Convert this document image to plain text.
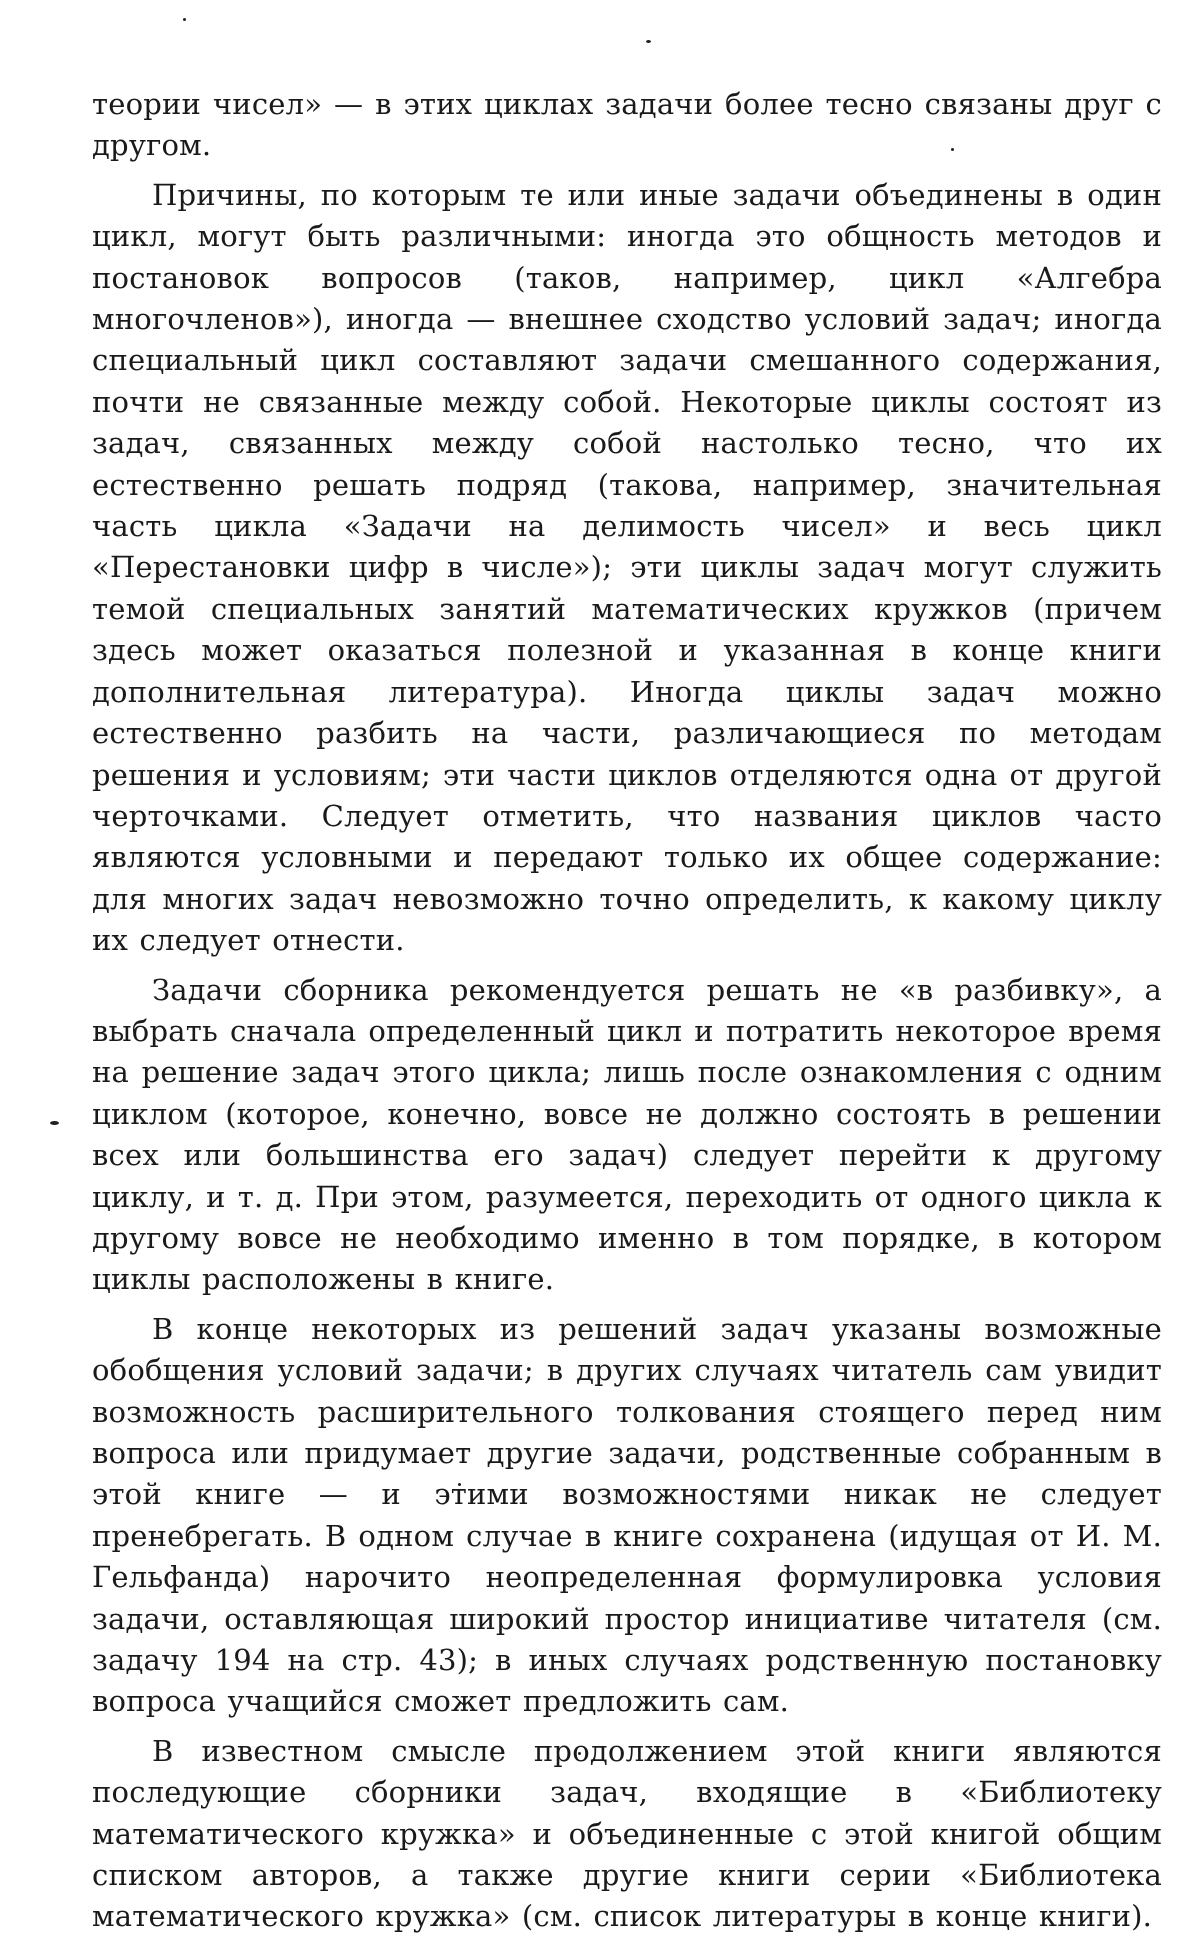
теории чисел» — в этих циклах задачи более тесно связаны друг с другом.

Причины, по которым те или иные задачи объединены в один цикл, могут быть различными: иногда это общность методов и постановок вопросов (таков, например, цикл «Алгебра многочленов»), иногда — внешнее сходство условий задач; иногда специальный цикл составляют задачи смешанного содержания, почти не связанные между собой. Некоторые циклы состоят из задач, связанных между собой настолько тесно, что их естественно решать подряд (такова, например, значительная часть цикла «Задачи на делимость чисел» и весь цикл «Перестановки цифр в числе»); эти циклы задач могут служить темой специальных занятий математических кружков (причем здесь может оказаться полезной и указанная в конце книги дополнительная литература). Иногда циклы задач можно естественно разбить на части, различающиеся по методам решения и условиям; эти части циклов отделяются одна от другой черточками. Следует отметить, что названия циклов часто являются условными и передают только их общее содержание: для многих задач невозможно точно определить, к какому циклу их следует отнести.

Задачи сборника рекомендуется решать не «в разбивку», а выбрать сначала определенный цикл и потратить некоторое время на решение задач этого цикла; лишь после ознакомления с одним циклом (которое, конечно, вовсе не должно состоять в решении всех или большинства его задач) следует перейти к другому циклу, и т. д. При этом, разумеется, переходить от одного цикла к другому вовсе не необходимо именно в том порядке, в котором циклы расположены в книге.

В конце некоторых из решений задач указаны возможные обобщения условий задачи; в других случаях читатель сам увидит возможность расширительного толкования стоящего перед ним вопроса или придумает другие задачи, родственные собранным в этой книге — и этими возможностями никак не следует пренебрегать. В одном случае в книге сохранена (идущая от И. М. Гельфанда) нарочито неопределенная формулировка условия задачи, оставляющая широкий простор инициативе читателя (см. задачу 194 на стр. 43); в иных случаях родственную постановку вопроса учащийся сможет предложить сам.

В известном смысле продолжением этой книги являются последующие сборники задач, входящие в «Библиотеку математического кружка» и объединенные с этой книгой общим списком авторов, а также другие книги серии «Библиотека математического кружка» (см. список литературы в конце книги).
